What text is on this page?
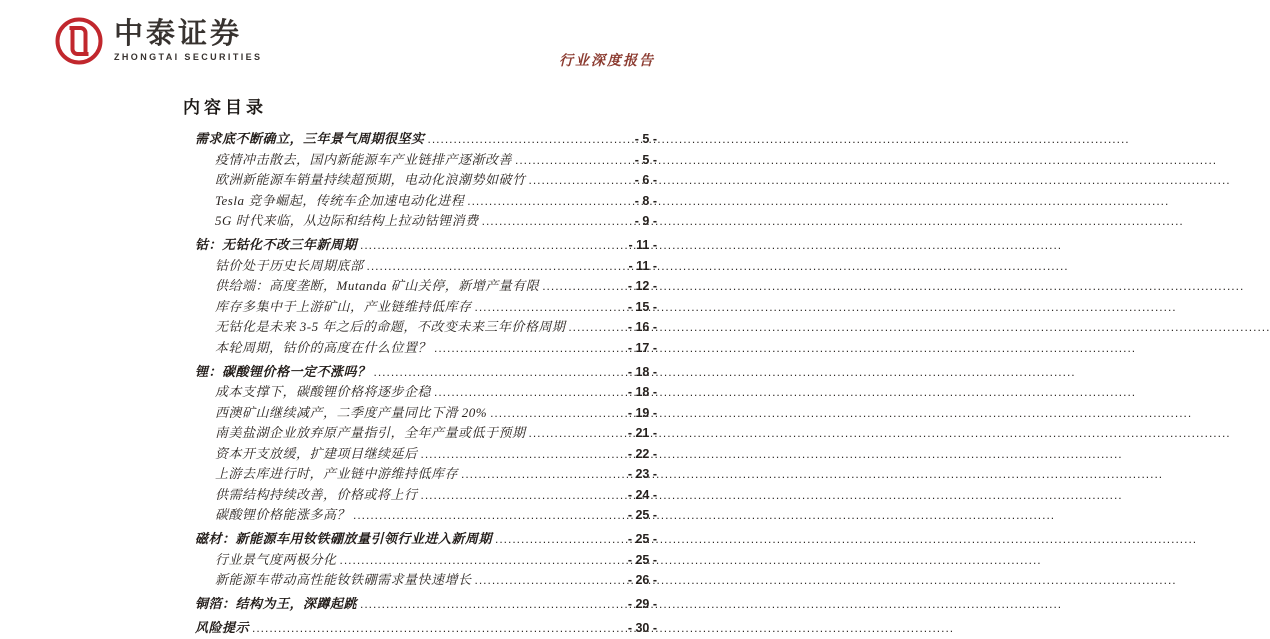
中泰证券
ZHONGTAI SECURITIES	行业深度报告
内容目录
需求底不断确立，三年景气周期很坚实 .....	- 5 -
疫情冲击散去，国内新能源车产业链排产逐渐改善 .....	- 5 -
欧洲新能源车销量持续超预期，电动化浪潮势如破竹 .....	- 6 -
Tesla 竞争崛起，传统车企加速电动化进程 .....	- 8 -
5G 时代来临，从边际和结构上拉动钴锂消费 .....	- 9 -
钴：无钴化不改三年新周期 .....	- 11 -
钴价处于历史长周期底部 .....	- 11 -
供给端：高度垄断，Mutanda 矿山关停，新增产量有限 .....	- 12 -
库存多集中于上游矿山，产业链维持低库存 .....	- 15 -
无钴化是未来 3-5 年之后的命题，不改变未来三年价格周期 .....	- 16 -
本轮周期，钴价的高度在什么位置？ .....	- 17 -
锂：碳酸锂价格一定不涨吗？ .....	- 18 -
成本支撑下，碳酸锂价格将逐步企稳 .....	- 18 -
西澳矿山继续减产，二季度产量同比下滑 20% .....	- 19 -
南美盐湖企业放弃原产量指引，全年产量或低于预期 .....	- 21 -
资本开支放缓，扩建项目继续延后 .....	- 22 -
上游去库进行时，产业链中游维持低库存 .....	- 23 -
供需结构持续改善，价格或将上行 .....	- 24 -
碳酸锂价格能涨多高？ .....	- 25 -
磁材：新能源车用钕铁硼放量引领行业进入新周期 .....	- 25 -
行业景气度两极分化 .....	- 25 -
新能源车带动高性能钕铁硼需求量快速增长 .....	- 26 -
铜箔：结构为王，深蹲起跳 .....	- 29 -
风险提示 .....	- 30 -
